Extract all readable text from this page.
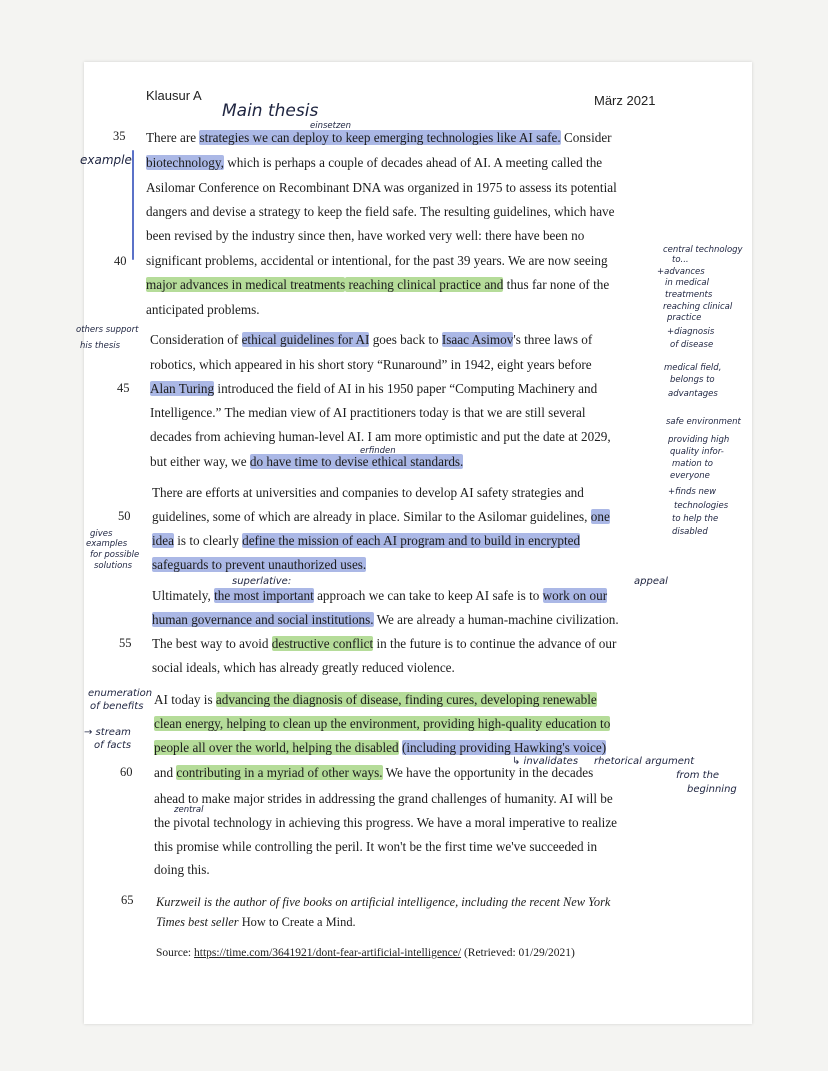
Klausur A	März 2021
35
40
45
50
55
60
65
There are strategies we can deploy to keep emerging technologies like AI safe. Consider
biotechnology, which is perhaps a couple of decades ahead of AI. A meeting called the
Asilomar Conference on Recombinant DNA was organized in 1975 to assess its potential
dangers and devise a strategy to keep the field safe. The resulting guidelines, which have
been revised by the industry since then, have worked very well: there have been no
significant problems, accidental or intentional, for the past 39 years. We are now seeing
major advances in medical treatments reaching clinical practice and thus far none of the
anticipated problems.
Consideration of ethical guidelines for AI goes back to Isaac Asimov's three laws of
robotics, which appeared in his short story “Runaround” in 1942, eight years before
Alan Turing introduced the field of AI in his 1950 paper “Computing Machinery and
Intelligence.” The median view of AI practitioners today is that we are still several
decades from achieving human-level AI. I am more optimistic and put the date at 2029,
but either way, we do have time to devise ethical standards.
There are efforts at universities and companies to develop AI safety strategies and
guidelines, some of which are already in place. Similar to the Asilomar guidelines, one
idea is to clearly define the mission of each AI program and to build in encrypted
safeguards to prevent unauthorized uses.
Ultimately, the most important approach we can take to keep AI safe is to work on our
human governance and social institutions. We are already a human-machine civilization.
The best way to avoid destructive conflict in the future is to continue the advance of our
social ideals, which has already greatly reduced violence.
AI today is advancing the diagnosis of disease, finding cures, developing renewable
clean energy, helping to clean up the environment, providing high-quality education to
people all over the world, helping the disabled (including providing Hawking's voice)
and contributing in a myriad of other ways. We have the opportunity in the decades
ahead to make major strides in addressing the grand challenges of humanity. AI will be
the pivotal technology in achieving this progress. We have a moral imperative to realize
this promise while controlling the peril. It won't be the first time we've succeeded in
doing this.
Kurzweil is the author of five books on artificial intelligence, including the recent New York
Times best seller How to Create a Mind.
Source: https://time.com/3641921/dont-fear-artificial-intelligence/ (Retrieved: 01/29/2021)
Main thesis
einsetzen
example
others support
his thesis
central technology
to...
+advances
in medical
treatments
reaching clinical
practice
+diagnosis
of disease
medical field,
belongs to
advantages
safe environment
providing high
quality infor-
mation to
everyone
+finds new
technologies
to help the
disabled
erfinden
gives
examples
for possible
solutions
superlative:	appeal
enumeration
of benefits
→ stream
of facts
↳ invalidates rhetorical argument
from the
beginning
zentral
